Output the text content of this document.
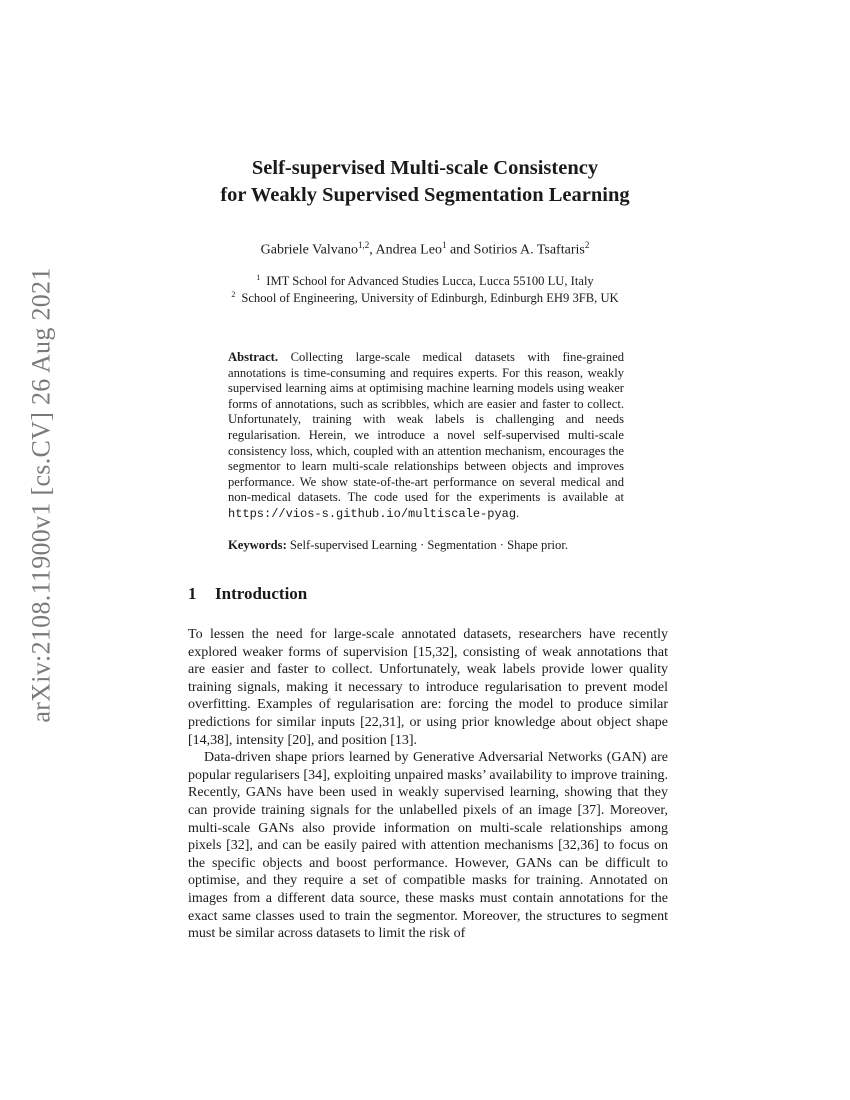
arXiv:2108.11900v1 [cs.CV] 26 Aug 2021
Self-supervised Multi-scale Consistency
for Weakly Supervised Segmentation Learning
Gabriele Valvano$^{1,2}$, Andrea Leo$^1$ and Sotirios A. Tsaftaris$^2$
$^1$ IMT School for Advanced Studies Lucca, Lucca 55100 LU, Italy
$^2$ School of Engineering, University of Edinburgh, Edinburgh EH9 3FB, UK
Abstract. Collecting large-scale medical datasets with fine-grained annotations is time-consuming and requires experts. For this reason, weakly supervised learning aims at optimising machine learning models using weaker forms of annotations, such as scribbles, which are easier and faster to collect. Unfortunately, training with weak labels is challenging and needs regularisation. Herein, we introduce a novel self-supervised multi-scale consistency loss, which, coupled with an attention mechanism, encourages the segmentor to learn multi-scale relationships between objects and improves performance. We show state-of-the-art performance on several medical and non-medical datasets. The code used for the experiments is available at https://vios-s.github.io/multiscale-pyag.
Keywords: Self-supervised Learning · Segmentation · Shape prior.
1 Introduction

To lessen the need for large-scale annotated datasets, researchers have recently explored weaker forms of supervision [15,32], consisting of weak annotations that are easier and faster to collect. Unfortunately, weak labels provide lower quality training signals, making it necessary to introduce regularisation to prevent model overfitting. Examples of regularisation are: forcing the model to produce similar predictions for similar inputs [22,31], or using prior knowledge about object shape [14,38], intensity [20], and position [13].

Data-driven shape priors learned by Generative Adversarial Networks (GAN) are popular regularisers [34], exploiting unpaired masks’ availability to improve training. Recently, GANs have been used in weakly supervised learning, showing that they can provide training signals for the unlabelled pixels of an image [37]. Moreover, multi-scale GANs also provide information on multi-scale relationships among pixels [32], and can be easily paired with attention mechanisms [32,36] to focus on the specific objects and boost performance. However, GANs can be difficult to optimise, and they require a set of compatible masks for training. Annotated on images from a different data source, these masks must contain annotations for the exact same classes used to train the segmentor. Moreover, the structures to segment must be similar across datasets to limit the risk of
